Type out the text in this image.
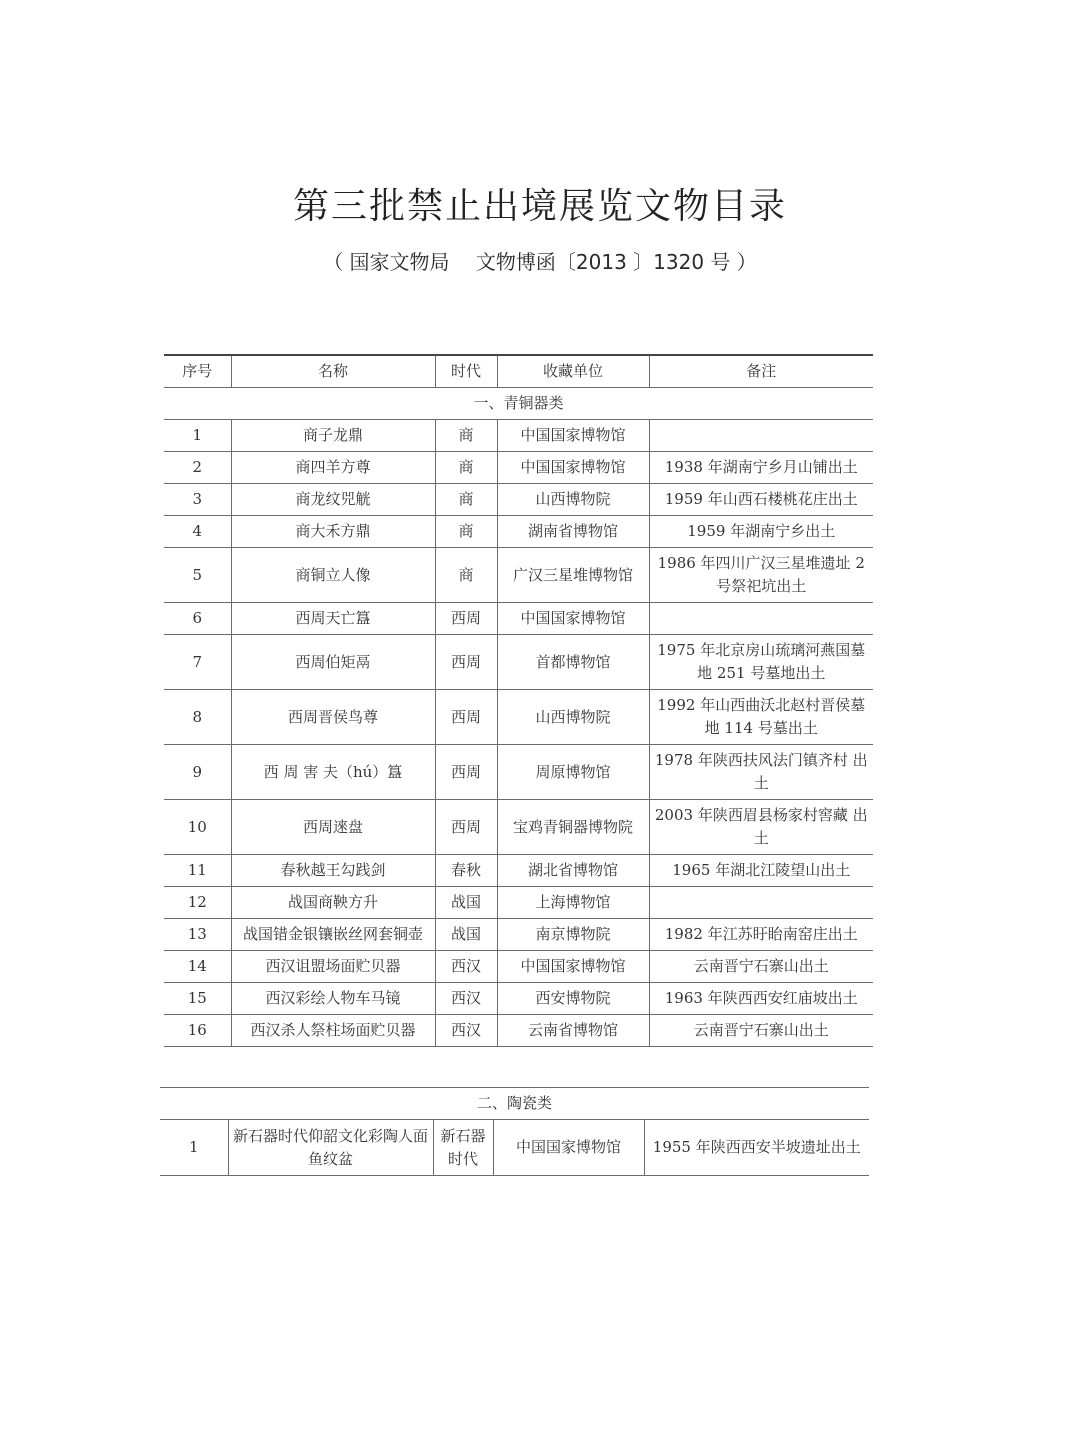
第三批禁止出境展览文物目录
（ 国家文物局　 文物博函〔2013 〕1320 号 ）
序号	名称	时代	收藏单位	备注
一、青铜器类				
1	商子龙鼎	商	中国国家博物馆	
2	商四羊方尊	商	中国国家博物馆	1938 年湖南宁乡月山铺出土
3	商龙纹兕觥	商	山西博物院	1959 年山西石楼桃花庄出土
4	商大禾方鼎	商	湖南省博物馆	1959 年湖南宁乡出土
5	商铜立人像	商	广汉三星堆博物馆	1986 年四川广汉三星堆遗址 2 号祭祀坑出土
6	西周天亡簋	西周	中国国家博物馆	
7	西周伯矩鬲	西周	首都博物馆	1975 年北京房山琉璃河燕国墓 地 251 号墓地出土
8	西周晋侯鸟尊	西周	山西博物院	1992 年山西曲沃北赵村晋侯墓 地 114 号墓出土
9	西 周 害 夫（hú）簋	西周	周原博物馆	1978 年陕西扶风法门镇齐村 出土
10	西周逨盘	西周	宝鸡青铜器博物院	2003 年陕西眉县杨家村窖藏 出土
11	春秋越王勾践剑	春秋	湖北省博物馆	1965 年湖北江陵望山出土
12	战国商鞅方升	战国	上海博物馆	
13	战国错金银镶嵌丝网套铜壶	战国	南京博物院	1982 年江苏盱眙南窑庄出土
14	西汉诅盟场面贮贝器	西汉	中国国家博物馆	云南晋宁石寨山出土
15	西汉彩绘人物车马镜	西汉	西安博物院	1963 年陕西西安红庙坡出土
16	西汉杀人祭柱场面贮贝器	西汉	云南省博物馆	云南晋宁石寨山出土
二、陶瓷类
1	新石器时代仰韶文化彩陶人面鱼纹盆	新石器时代	中国国家博物馆	1955 年陕西西安半坡遗址出土
